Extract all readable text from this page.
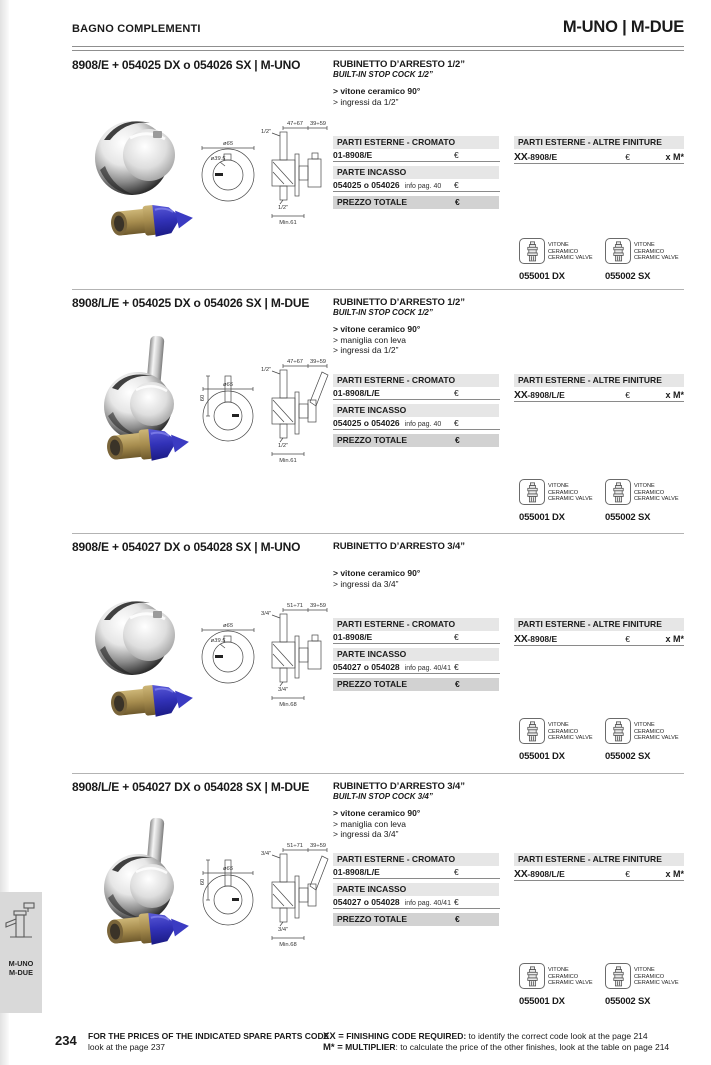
BAGNO COMPLEMENTI	M-UNO | M-DUE
8908/E + 054025 DX o 054026 SX | M-UNO	RUBINETTO D’ARRESTO 1/2”
BUILT-IN STOP COCK 1/2”
> vitone ceramico 90°
> ingressi da 1/2”
ø65
ø39.5
1/2”
47÷67 39÷59
1/2”
Min.61
PARTI ESTERNE - CROMATO
01-8908/E	€
PARTE INCASSO
054025 o 054026 info pag. 40 €
PREZZO TOTALE	€
PARTI ESTERNE - ALTRE FINITURE
XX -8908/E	€	x M*
VITONE CERAMICO
CERAMIC VALVE
055001 DX
VITONE CERAMICO
CERAMIC VALVE
055002 SX
8908/L/E + 054025 DX o 054026 SX | M-DUE	RUBINETTO D’ARRESTO 1/2”
BUILT-IN STOP COCK 1/2”
> vitone ceramico 90°
> maniglia con leva
> ingressi da 1/2”
ø65
60
1/2”
47÷67 39÷59
1/2”
Min.61
PARTI ESTERNE - CROMATO
01-8908/L/E	€
PARTE INCASSO
054025 o 054026 info pag. 40 €
PREZZO TOTALE	€
PARTI ESTERNE - ALTRE FINITURE
XX -8908/L/E	€	x M*
VITONE CERAMICO
CERAMIC VALVE
055001 DX
VITONE CERAMICO
CERAMIC VALVE
055002 SX
8908/E + 054027 DX o 054028 SX | M-UNO	RUBINETTO D’ARRESTO 3/4”
> vitone ceramico 90°
> ingressi da 3/4”
ø65
ø39.5
3/4”
51÷71 39÷59
3/4”
Min.68
PARTI ESTERNE - CROMATO
01-8908/E	€
PARTE INCASSO
054027 o 054028 info pag. 40/41 €
PREZZO TOTALE	€
PARTI ESTERNE - ALTRE FINITURE
XX -8908/E	€	x M*
VITONE CERAMICO
CERAMIC VALVE
055001 DX
VITONE CERAMICO
CERAMIC VALVE
055002 SX
8908/L/E + 054027 DX o 054028 SX | M-DUE	RUBINETTO D’ARRESTO 3/4”
BUILT-IN STOP COCK 3/4”
> vitone ceramico 90°
> maniglia con leva
> ingressi da 3/4”
ø65
60
3/4”
51÷71 39÷59
3/4”
Min.68
PARTI ESTERNE - CROMATO
01-8908/L/E	€
PARTE INCASSO
054027 o 054028 info pag. 40/41 €
PREZZO TOTALE	€
PARTI ESTERNE - ALTRE FINITURE
XX -8908/L/E	€	x M*
VITONE CERAMICO
CERAMIC VALVE
055001 DX
VITONE CERAMICO
CERAMIC VALVE
055002 SX
M-UNO
M-DUE
234 FOR THE PRICES OF THE INDICATED SPARE PARTS CODE
look at the page 237
XX = FINISHING CODE REQUIRED: to identify the correct code look at the page 214
M* = MULTIPLIER: to calculate the price of the other finishes, look at the table on page 214
